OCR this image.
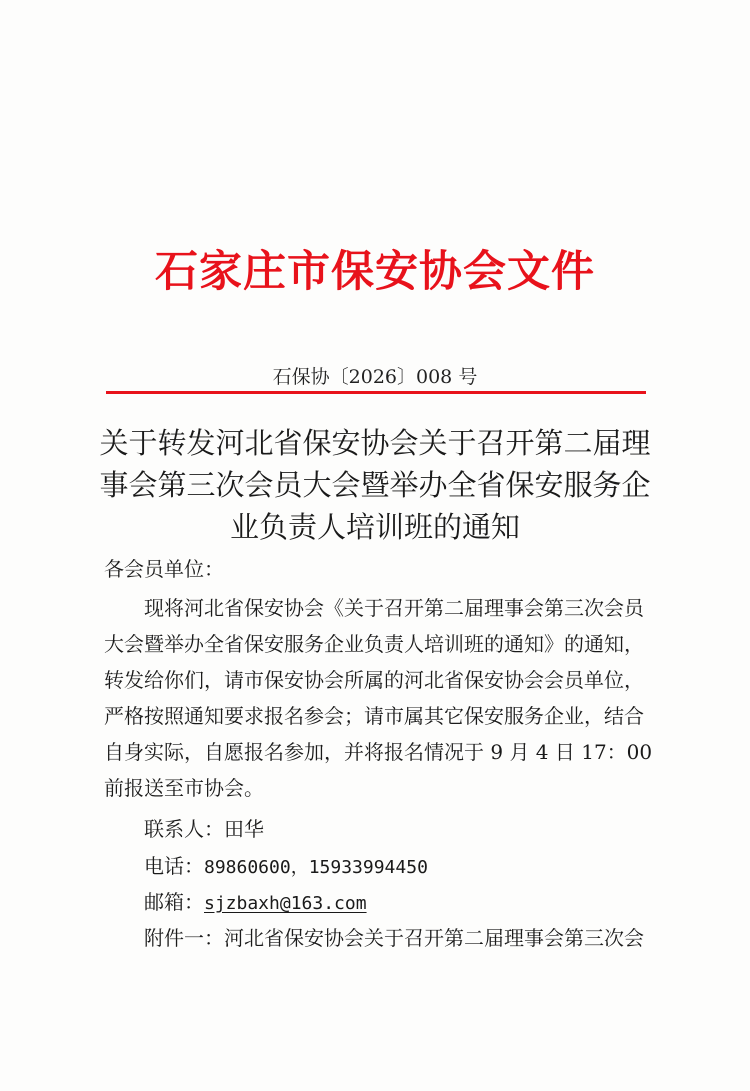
石家庄市保安协会文件
石保协〔2026〕008 号
关于转发河北省保安协会关于召开第二届理
事会第三次会员大会暨举办全省保安服务企
业负责人培训班的通知
各会员单位：
现将河北省保安协会《关于召开第二届理事会第三次会员
大会暨举办全省保安服务企业负责人培训班的通知》的通知，
转发给你们，请市保安协会所属的河北省保安协会会员单位，
严格按照通知要求报名参会；请市属其它保安服务企业，结合
自身实际，自愿报名参加，并将报名情况于 9 月 4 日 17：00
前报送至市协会。
联系人：田华
电话：89860600，15933994450
邮箱：sjzbaxh@163.com
附件一：河北省保安协会关于召开第二届理事会第三次会
